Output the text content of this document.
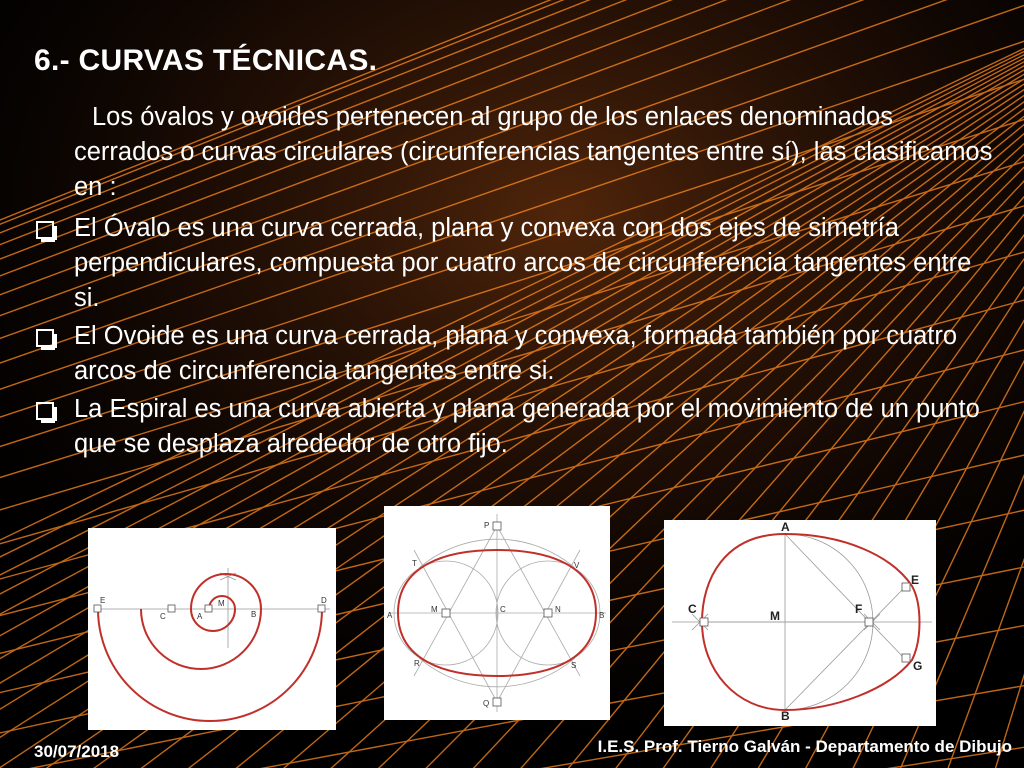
6.- CURVAS TÉCNICAS.

Los óvalos y ovoides pertenecen al grupo de los enlaces denominados cerrados o curvas circulares (circunferencias tangentes entre sí), las clasificamos en :

El Óvalo es una curva cerrada, plana y convexa con dos ejes de simetría perpendiculares, compuesta por cuatro arcos de circunferencia tangentes entre si.

El Ovoide es una curva cerrada, plana y convexa, formada también por cuatro arcos de circunferencia tangentes entre si.

La Espiral es una curva abierta y plana generada por el movimiento de un punto que se desplaza alrededor de otro fijo.

E
C	A
M
B
D
P
T	V
A
M	C	N
B
R	S
Q
A
E
C	M	F
G
B
30/07/2018	I.E.S. Prof. Tierno Galván - Departamento de Dibujo
